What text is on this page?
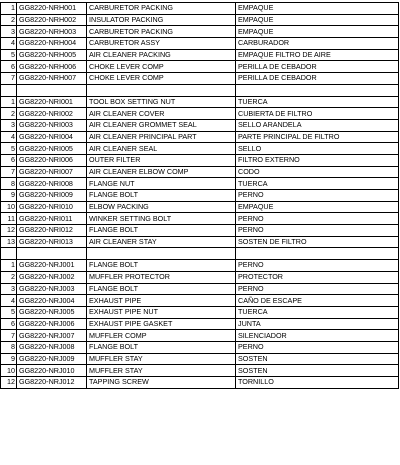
1	GG8220-NRH001	CARBURETOR PACKING	EMPAQUE
2	GG8220-NRH002	INSULATOR PACKING	EMPAQUE
3	GG8220-NRH003	CARBURETOR PACKING	EMPAQUE
4	GG8220-NRH004	CARBURETOR ASSY	CARBURADOR
5	GG8220-NRH005	AIR CLEANER PACKING	EMPAQUE FILTRO DE AIRE
6	GG8220-NRH006	CHOKE LEVER COMP	PERILLA DE CEBADOR
7	GG8220-NRH007	CHOKE LEVER COMP	PERILLA DE CEBADOR

1	GG8220-NRI001	TOOL BOX SETTING NUT	TUERCA
2	GG8220-NRI002	AIR CLEANER COVER	CUBIERTA DE FILTRO
3	GG8220-NRI003	AIR CLEANER GROMMET SEAL	SELLO ARANDELA
4	GG8220-NRI004	AIR CLEANER PRINCIPAL PART	PARTE PRINCIPAL DE FILTRO
5	GG8220-NRI005	AIR CLEANER SEAL	SELLO
6	GG8220-NRI006	OUTER FILTER	FILTRO EXTERNO
7	GG8220-NRI007	AIR CLEANER ELBOW COMP	CODO
8	GG8220-NRI008	FLANGE NUT	TUERCA
9	GG8220-NRI009	FLANGE BOLT	PERNO
10	GG8220-NRI010	ELBOW PACKING	EMPAQUE
11	GG8220-NRI011	WINKER SETTING BOLT	PERNO
12	GG8220-NRI012	FLANGE BOLT	PERNO
13	GG8220-NRI013	AIR CLEANER STAY	SOSTEN DE FILTRO

1	GG8220-NRJ001	FLANGE BOLT	PERNO
2	GG8220-NRJ002	MUFFLER PROTECTOR	PROTECTOR
3	GG8220-NRJ003	FLANGE BOLT	PERNO
4	GG8220-NRJ004	EXHAUST PIPE	CAÑO DE ESCAPE
5	GG8220-NRJ005	EXHAUST PIPE NUT	TUERCA
6	GG8220-NRJ006	EXHAUST PIPE GASKET	JUNTA
7	GG8220-NRJ007	MUFFLER COMP	SILENCIADOR
8	GG8220-NRJ008	FLANGE BOLT	PERNO
9	GG8220-NRJ009	MUFFLER STAY	SOSTEN
10	GG8220-NRJ010	MUFFLER STAY	SOSTEN
12	GG8220-NRJ012	TAPPING SCREW	TORNILLO
